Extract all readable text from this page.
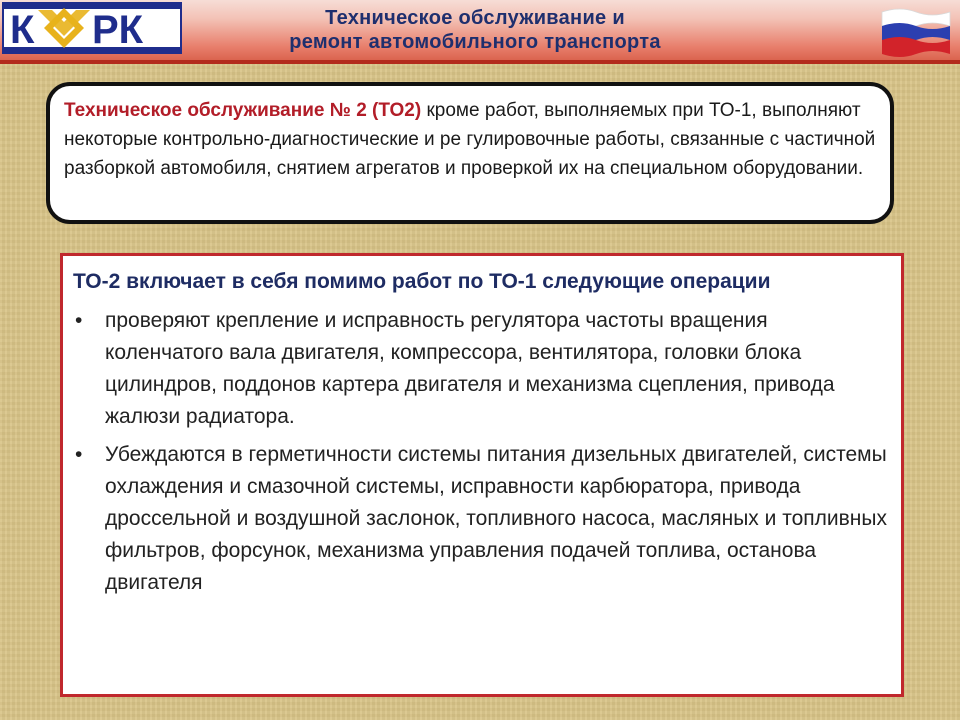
К РК	Техническое обслуживание и
ремонт автомобильного транспорта
Техническое обслуживание № 2 (ТО2) кроме работ, выполняемых при ТО-1, выполняют некоторые контрольно-диагностические и ре гулировочные работы, связанные с частичной разборкой автомобиля, снятием агрегатов и проверкой их на специальном оборудовании.
ТО-2 включает в себя помимо работ по ТО-1 следующие операции
• проверяют крепление и исправность регулятора частоты вращения коленчатого вала двигателя, компрессора, вентилятора, головки блока цилиндров, поддонов картера двигателя и механизма сцепления, привода жалюзи радиатора.
• Убеждаются в герметичности системы питания дизельных двигателей, системы охлаждения и смазочной системы, исправности карбюратора, привода дроссельной и воздушной заслонок, топливного насоса, масляных и топливных фильтров, форсунок, механизма управления подачей топлива, останова двигателя
